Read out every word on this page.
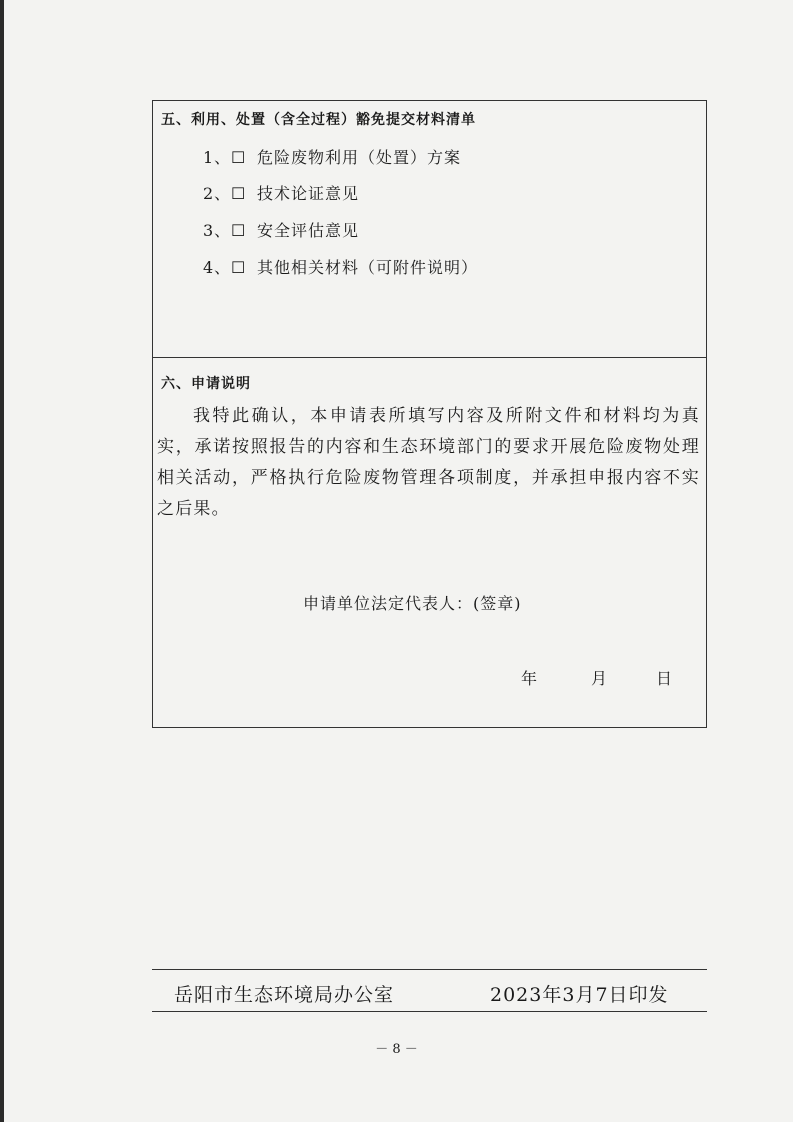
五、利用、处置（含全过程）豁免提交材料清单
1、☐ 危险废物利用（处置）方案
2、☐ 技术论证意见
3、☐ 安全评估意见
4、☐ 其他相关材料（可附件说明）
六、申请说明
我特此确认，本申请表所填写内容及所附文件和材料均为真实，承诺按照报告的内容和生态环境部门的要求开展危险废物处理相关活动，严格执行危险废物管理各项制度，并承担申报内容不实之后果。
申请单位法定代表人：(签章)
年	月	日
岳阳市生态环境局办公室	2023年3月7日印发
－ 8 －
